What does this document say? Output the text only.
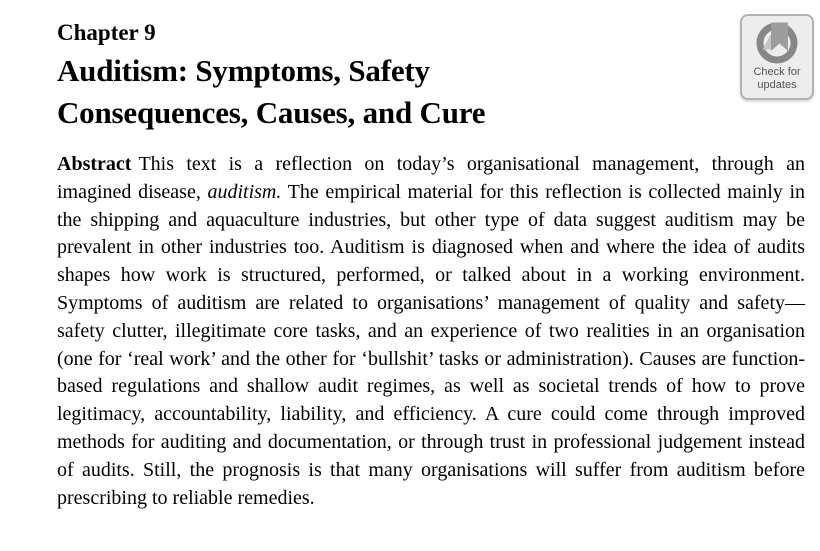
Chapter 9
Auditism: Symptoms, Safety
Consequences, Causes, and Cure
Check for
updates

Abstract This text is a reflection on today’s organisational management, through an imagined disease, auditism. The empirical material for this reflection is collected mainly in the shipping and aquaculture industries, but other type of data suggest auditism may be prevalent in other industries too. Auditism is diagnosed when and where the idea of audits shapes how work is structured, performed, or talked about in a working environment. Symptoms of auditism are related to organisations’ management of quality and safety—safety clutter, illegitimate core tasks, and an experience of two realities in an organisation (one for ‘real work’ and the other for ‘bullshit’ tasks or administration). Causes are function-based regulations and shallow audit regimes, as well as societal trends of how to prove legitimacy, accountability, liability, and efficiency. A cure could come through improved methods for auditing and documentation, or through trust in professional judgement instead of audits. Still, the prognosis is that many organisations will suffer from auditism before prescribing to reliable remedies.
